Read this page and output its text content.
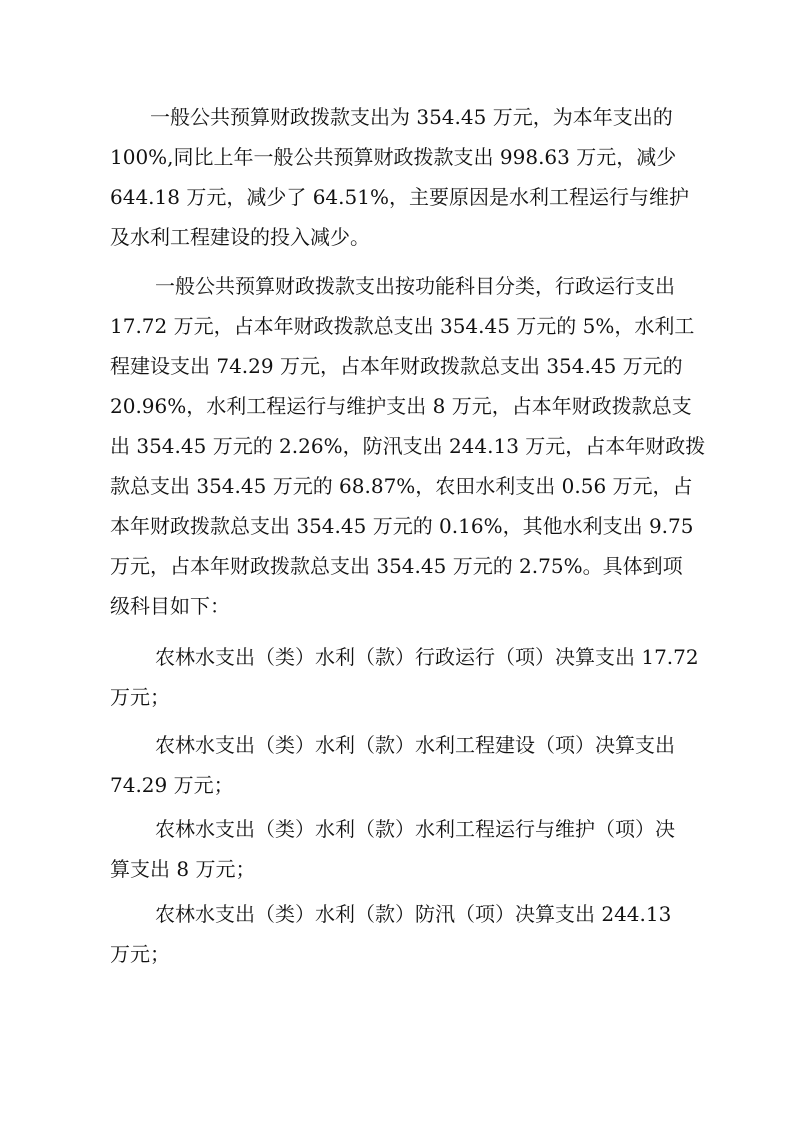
一般公共预算财政拨款支出为 354.45 万元，为本年支出的

100%,同比上年一般公共预算财政拨款支出 998.63 万元，减少

644.18 万元，减少了 64.51%，主要原因是水利工程运行与维护

及水利工程建设的投入减少。

一般公共预算财政拨款支出按功能科目分类，行政运行支出

17.72 万元，占本年财政拨款总支出 354.45 万元的 5%，水利工

程建设支出 74.29 万元，占本年财政拨款总支出 354.45 万元的

20.96%，水利工程运行与维护支出 8 万元，占本年财政拨款总支

出 354.45 万元的 2.26%，防汛支出 244.13 万元，占本年财政拨

款总支出 354.45 万元的 68.87%，农田水利支出 0.56 万元，占

本年财政拨款总支出 354.45 万元的 0.16%，其他水利支出 9.75

万元，占本年财政拨款总支出 354.45 万元的 2.75%。具体到项

级科目如下：

农林水支出（类）水利（款）行政运行（项）决算支出 17.72

万元；

农林水支出（类）水利（款）水利工程建设（项）决算支出

74.29 万元；

农林水支出（类）水利（款）水利工程运行与维护（项）决

算支出 8 万元；

农林水支出（类）水利（款）防汛（项）决算支出 244.13

万元；
